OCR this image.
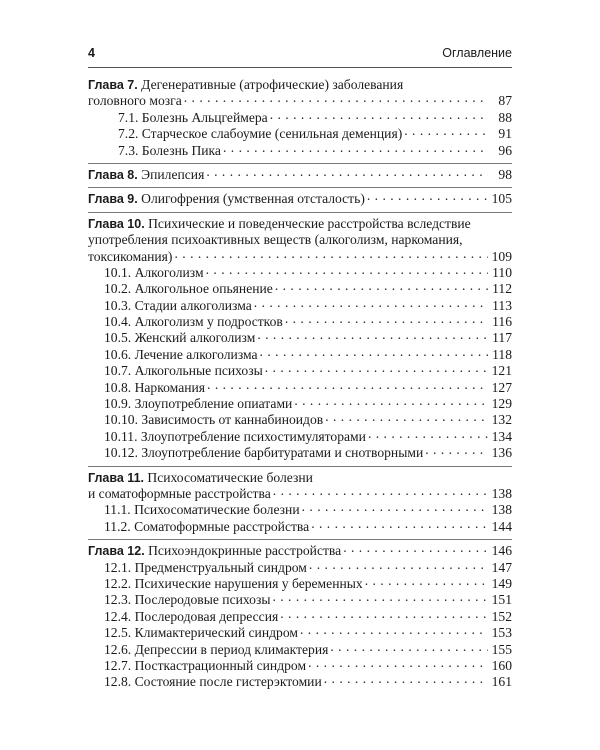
4	Оглавление
Глава 7. Дегенеративные (атрофические) заболевания
головного мозга . . .	87
7.1. Болезнь Альцгеймера . . .	88
7.2. Старческое слабоумие (сенильная деменция) . . .	91
7.3. Болезнь Пика . . .	96
Глава 8. Эпилепсия . . .	98
Глава 9. Олигофрения (умственная отсталость) . . .	105
Глава 10. Психические и поведенческие расстройства вследствие
употребления психоактивных веществ (алкоголизм, наркомания,
токсикомания) . . .	109
10.1. Алкоголизм . . .	110
10.2. Алкогольное опьянение . . .	112
10.3. Стадии алкоголизма . . .	113
10.4. Алкоголизм у подростков . . .	116
10.5. Женский алкоголизм . . .	117
10.6. Лечение алкоголизма . . .	118
10.7. Алкогольные психозы . . .	121
10.8. Наркомания . . .	127
10.9. Злоупотребление опиатами . . .	129
10.10. Зависимость от каннабиноидов . . .	132
10.11. Злоупотребление психостимуляторами . . .	134
10.12. Злоупотребление барбитуратами и снотворными . . .	136
Глава 11. Психосоматические болезни
и соматоформные расстройства . . .	138
11.1. Психосоматические болезни . . .	138
11.2. Соматоформные расстройства . . .	144
Глава 12. Психоэндокринные расстройства . . .	146
12.1. Предменструальный синдром . . .	147
12.2. Психические нарушения у беременных . . .	149
12.3. Послеродовые психозы . . .	151
12.4. Послеродовая депрессия . . .	152
12.5. Климактерический синдром . . .	153
12.6. Депрессии в период климактерия . . .	155
12.7. Посткастрационный синдром . . .	160
12.8. Состояние после гистерэктомии . . .	161
